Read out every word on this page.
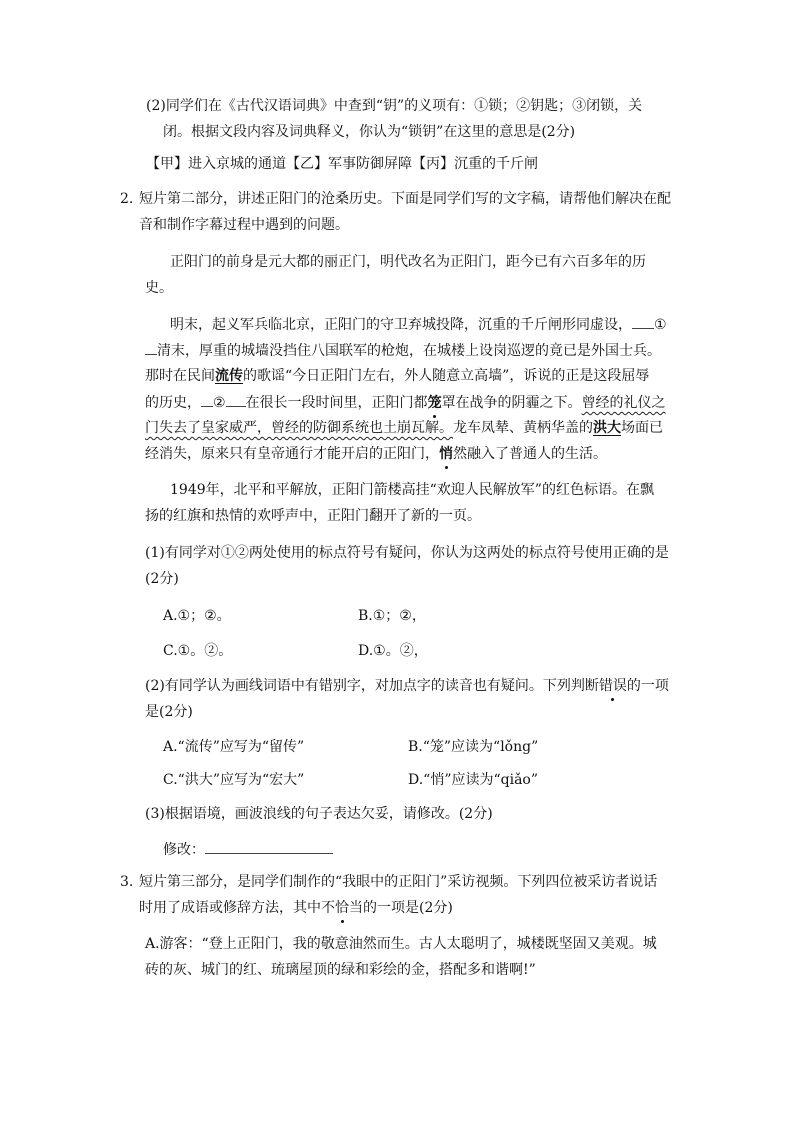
(2)同学们在《古代汉语词典》中查到“钥”的义项有：①锁；②钥匙；③闭锁，关
闭。根据文段内容及词典释义，你认为“锁钥”在这里的意思是(2分)
【甲】进入京城的通道【乙】军事防御屏障【丙】沉重的千斤闸
2. 短片第二部分，讲述正阳门的沧桑历史。下面是同学们写的文字稿，请帮他们解决在配
音和制作字幕过程中遇到的问题。
正阳门的前身是元大都的丽正门，明代改名为正阳门，距今已有六百多年的历
史。
明末，起义军兵临北京，正阳门的守卫弃城投降，沉重的千斤闸形同虚设， ①
清末，厚重的城墙没挡住八国联军的枪炮，在城楼上设岗巡逻的竟已是外国士兵。
那时在民间流传的歌谣“今日正阳门左右，外人随意立高墙”，诉说的正是这段屈辱
的历史， ② 在很长一段时间里，正阳门都笼罩在战争的阴霾之下。曾经的礼仪之
门失去了皇家威严，曾经的防御系统也土崩瓦解。龙车凤辇、黄柄华盖的洪大场面已
经消失，原来只有皇帝通行才能开启的正阳门，悄然融入了普通人的生活。
1949年，北平和平解放，正阳门箭楼高挂“欢迎人民解放军”的红色标语。在飘
扬的红旗和热情的欢呼声中，正阳门翻开了新的一页。
(1)有同学对①②两处使用的标点符号有疑问，你认为这两处的标点符号使用正确的是
(2分)
A.①；②。	B.①；②，
C.①。②。	D.①。②，
(2)有同学认为画线词语中有错别字，对加点字的读音也有疑问。下列判断错误的一项
是(2分)
A.“流传”应写为“留传”	B.“笼”应读为“lǒng”
C.“洪大”应写为“宏大”	D.“悄”应读为“qiǎo”
(3)根据语境，画波浪线的句子表达欠妥，请修改。(2分)
修改：
3. 短片第三部分，是同学们制作的“我眼中的正阳门”采访视频。下列四位被采访者说话
时用了成语或修辞方法，其中不恰当的一项是(2分)
A.游客：“登上正阳门，我的敬意油然而生。古人太聪明了，城楼既坚固又美观。城
砖的灰、城门的红、琉璃屋顶的绿和彩绘的金，搭配多和谐啊!”
